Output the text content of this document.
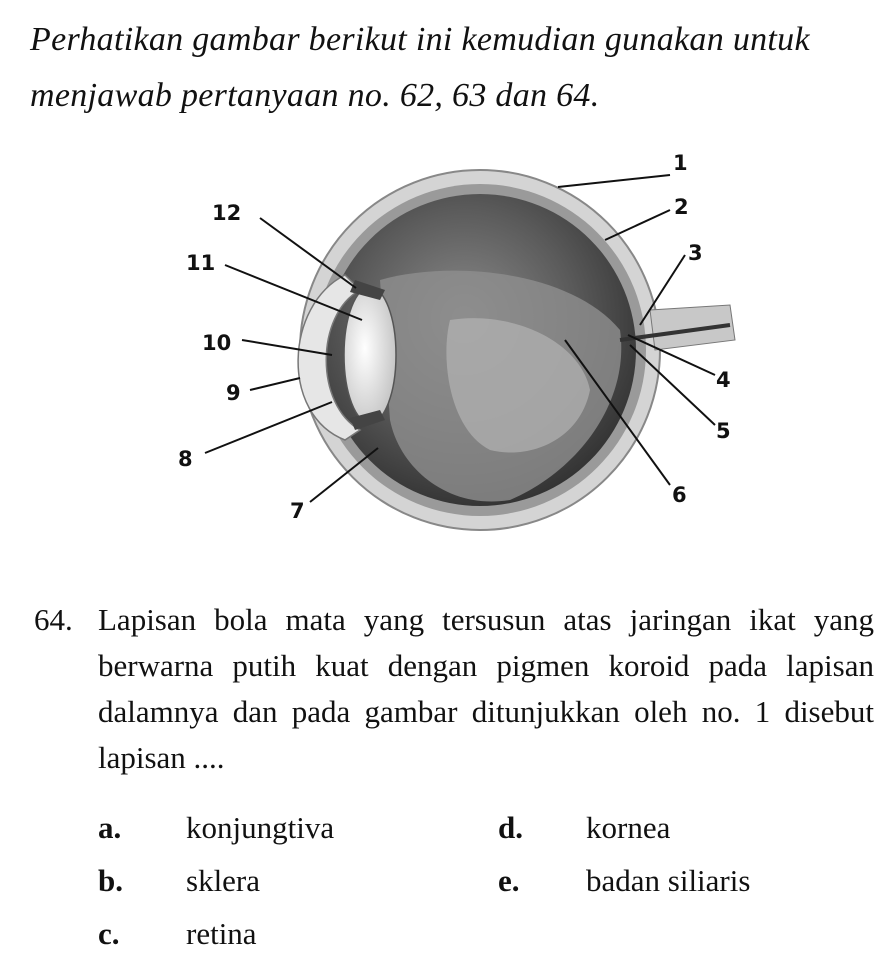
Perhatikan gambar berikut ini kemudian gunakan untuk
menjawab pertanyaan no. 62, 63 dan 64.
1
2
3
4
5
6
7
8
9
10
11
12
64. Lapisan bola mata yang tersusun atas jaringan ikat yang berwarna putih kuat dengan pigmen koroid pada lapisan dalamnya dan pada gambar ditunjukkan oleh no. 1 disebut lapisan ....
a. konjungtiva	d. kornea
b. sklera	e. badan siliaris
c. retina
